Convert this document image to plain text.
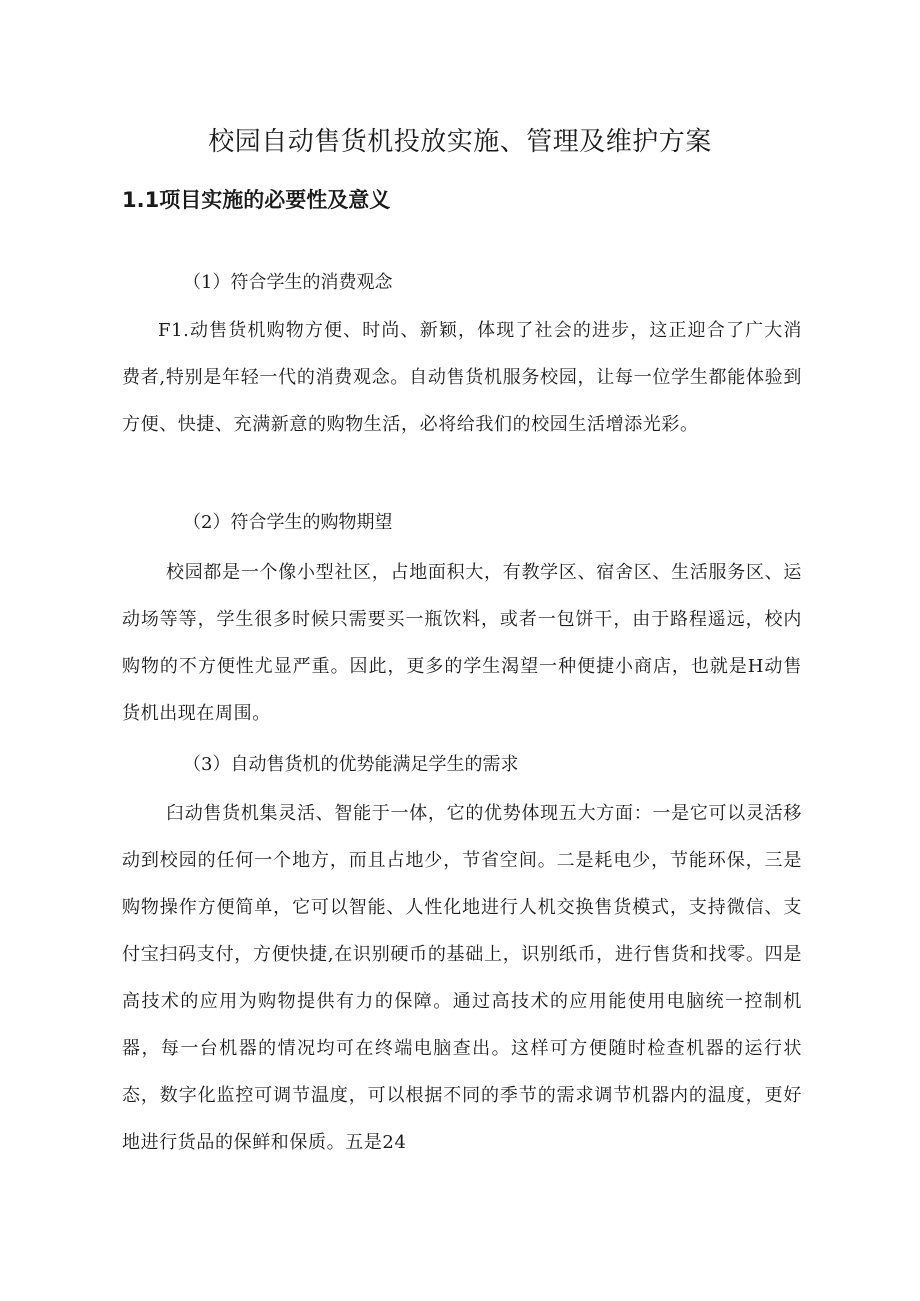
校园自动售货机投放实施、管理及维护方案
1.1项目实施的必要性及意义
（1）符合学生的消费观念

F1.动售货机购物方便、时尚、新颖，体现了社会的进步，这正迎合了广大消费者,特别是年轻一代的消费观念。自动售货机服务校园，让每一位学生都能体验到方便、快捷、充满新意的购物生活，必将给我们的校园生活增添光彩。

（2）符合学生的购物期望

校园都是一个像小型社区，占地面积大，有教学区、宿舍区、生活服务区、运动场等等，学生很多时候只需要买一瓶饮料，或者一包饼干，由于路程遥远，校内购物的不方便性尤显严重。因此，更多的学生渴望一种便捷小商店，也就是H动售货机出现在周围。

（3）自动售货机的优势能满足学生的需求

臼动售货机集灵活、智能于一体，它的优势体现五大方面：一是它可以灵活移动到校园的任何一个地方，而且占地少，节省空间。二是耗电少，节能环保，三是购物操作方便简单，它可以智能、人性化地进行人机交换售货模式，支持微信、支付宝扫码支付，方便快捷,在识别硬币的基础上，识别纸币，进行售货和找零。四是高技术的应用为购物提供有力的保障。通过高技术的应用能使用电脑统一控制机器，每一台机器的情况均可在终端电脑查出。这样可方便随时检查机器的运行状态，数字化监控可调节温度，可以根据不同的季节的需求调节机器内的温度，更好地进行货品的保鲜和保质。五是24
